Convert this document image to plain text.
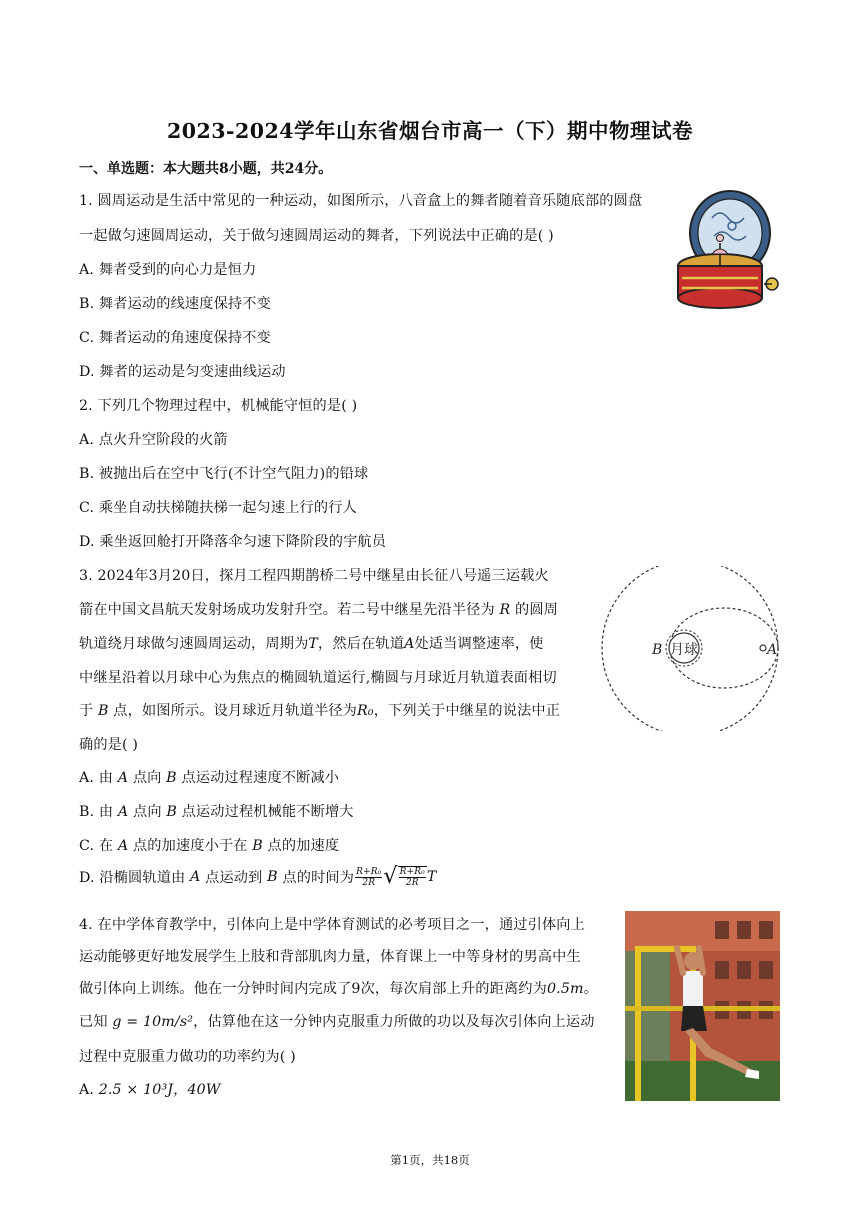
2023-2024学年山东省烟台市高一（下）期中物理试卷
一、单选题：本大题共8小题，共24分。
1. 圆周运动是生活中常见的一种运动，如图所示，八音盒上的舞者随着音乐随底部的圆盘
一起做匀速圆周运动，关于做匀速圆周运动的舞者，下列说法中正确的是( )
A. 舞者受到的向心力是恒力
B. 舞者运动的线速度保持不变
C. 舞者运动的角速度保持不变
D. 舞者的运动是匀变速曲线运动
2. 下列几个物理过程中，机械能守恒的是( )
A. 点火升空阶段的火箭
B. 被抛出后在空中飞行(不计空气阻力)的铅球
C. 乘坐自动扶梯随扶梯一起匀速上行的行人
D. 乘坐返回舱打开降落伞匀速下降阶段的宇航员
3. 2024年3月20日，探月工程四期鹊桥二号中继星由长征八号遥三运载火
箭在中国文昌航天发射场成功发射升空。若二号中继星先沿半径为 R 的圆周
轨道绕月球做匀速圆周运动，周期为T，然后在轨道A处适当调整速率，使
中继星沿着以月球中心为焦点的椭圆轨道运行,椭圆与月球近月轨道表面相切
于 B 点，如图所示。设月球近月轨道半径为R₀，下列关于中继星的说法中正
确的是( )
A. 由 A 点向 B 点运动过程速度不断减小
B. 由 A 点向 B 点运动过程机械能不断增大
C. 在 A 点的加速度小于在 B 点的加速度
D. 沿椭圆轨道由
A
点运动到
B
点的时间为 $\frac{\text{R+R₀}}{2R}$ √ $\frac{\text{R+R₀}}{2R}$ T
月球
B	A
4. 在中学体育教学中，引体向上是中学体育测试的必考项目之一，通过引体向上
运动能够更好地发展学生上肢和背部肌肉力量，体育课上一中等身材的男高中生
做引体向上训练。他在一分钟时间内完成了9次，每次肩部上升的距离约为0.5m。
已知 g = 10m/s²，估算他在这一分钟内克服重力所做的功以及每次引体向上运动
过程中克服重力做功的功率约为( )
A. 2.5 × 10³J，40W
第1页，共18页
